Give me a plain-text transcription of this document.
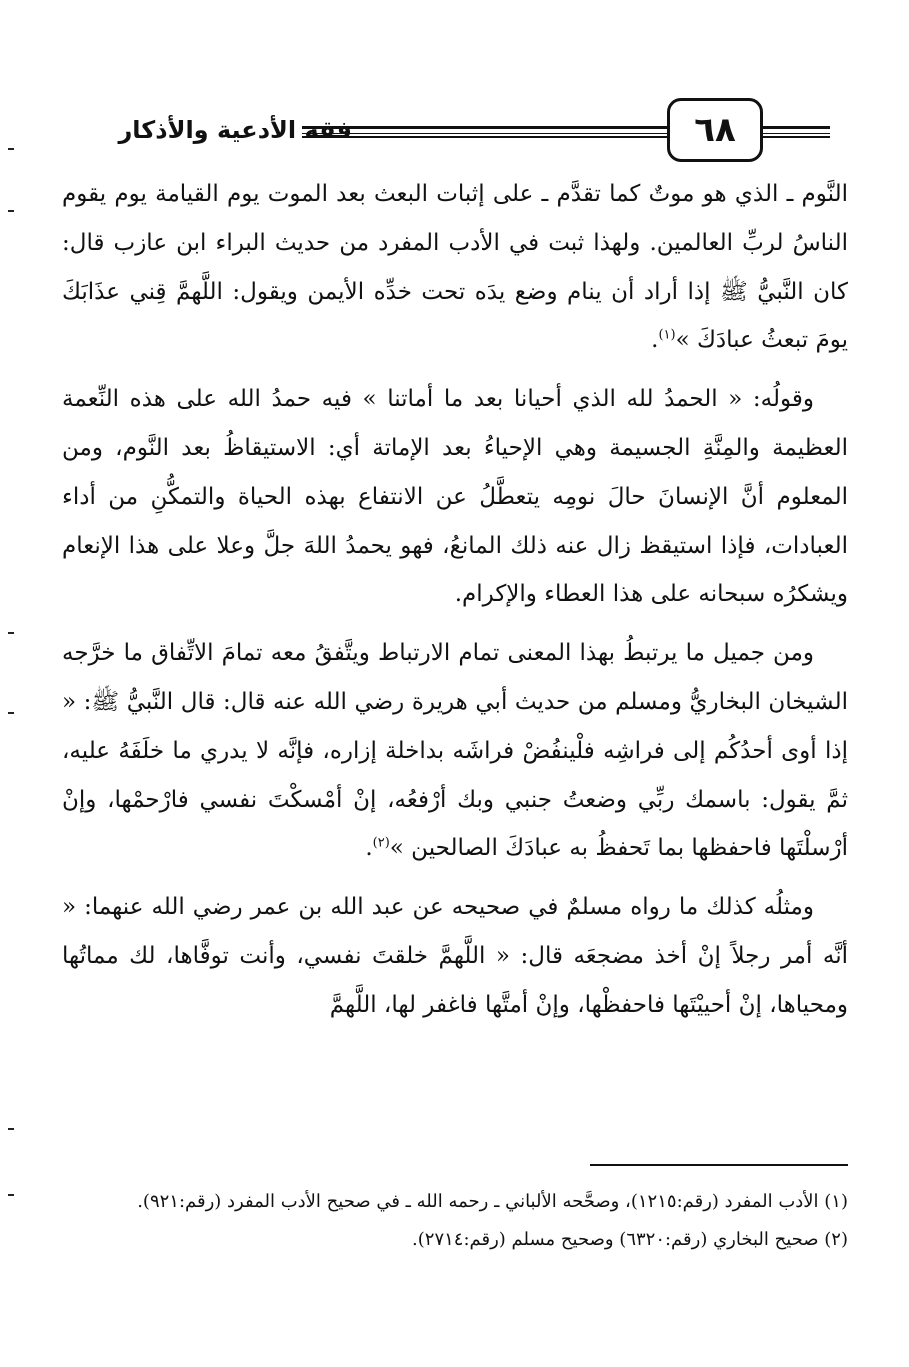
فقه الأدعية والأذكار	٦٨

النَّوم ـ الذي هو موتٌ كما تقدَّم ـ على إثبات البعث بعد الموت يوم القيامة يوم يقوم الناسُ لربِّ العالمين. ولهذا ثبت في الأدب المفرد من حديث البراء ابن عازب قال: كان النَّبيُّ ﷺ إذا أراد أن ينام وضع يدَه تحت خدِّه الأيمن ويقول: اللَّهمَّ قِني عذَابَكَ يومَ تبعثُ عبادَكَ »$^{(١)}$.

وقولُه: « الحمدُ لله الذي أحيانا بعد ما أماتنا » فيه حمدُ الله على هذه النِّعمة العظيمة والمِنَّةِ الجسيمة وهي الإحياءُ بعد الإماتة أي: الاستيقاظُ بعد النَّوم، ومن المعلوم أنَّ الإنسانَ حالَ نومِه يتعطَّلُ عن الانتفاع بهذه الحياة والتمكُّنِ من أداء العبادات، فإذا استيقظ زال عنه ذلك المانعُ، فهو يحمدُ اللهَ جلَّ وعلا على هذا الإنعام ويشكرُه سبحانه على هذا العطاء والإكرام.

ومن جميل ما يرتبطُ بهذا المعنى تمام الارتباط ويتَّفقُ معه تمامَ الاتِّفاق ما خرَّجه الشيخان البخاريُّ ومسلم من حديث أبي هريرة رضي الله عنه قال: قال النَّبيُّ ﷺ: « إذا أوى أحدُكُم إلى فراشِه فلْينفُضْ فراشَه بداخلة إزاره، فإنَّه لا يدري ما خلَفَهُ عليه، ثمَّ يقول: باسمك ربِّي وضعتُ جنبي وبك أرْفعُه، إنْ أمْسكْتَ نفسي فارْحمْها، وإنْ أرْسلْتَها فاحفظها بما تَحفظُ به عبادَكَ الصالحين »$^{(٢)}$.

ومثلُه كذلك ما رواه مسلمٌ في صحيحه عن عبد الله بن عمر رضي الله عنهما: « أنَّه أمر رجلاً إنْ أخذ مضجعَه قال: « اللَّهمَّ خلقتَ نفسي، وأنت توفَّاها، لك مماتُها ومحياها، إنْ أحييْتَها فاحفظْها، وإنْ أمتَّها فاغفر لها، اللَّهمَّ

(١) الأدب المفرد (رقم:١٢١٥)، وصحَّحه الألباني ـ رحمه الله ـ في صحيح الأدب المفرد (رقم:٩٢١).

(٢) صحيح البخاري (رقم:٦٣٢٠) وصحيح مسلم (رقم:٢٧١٤).
